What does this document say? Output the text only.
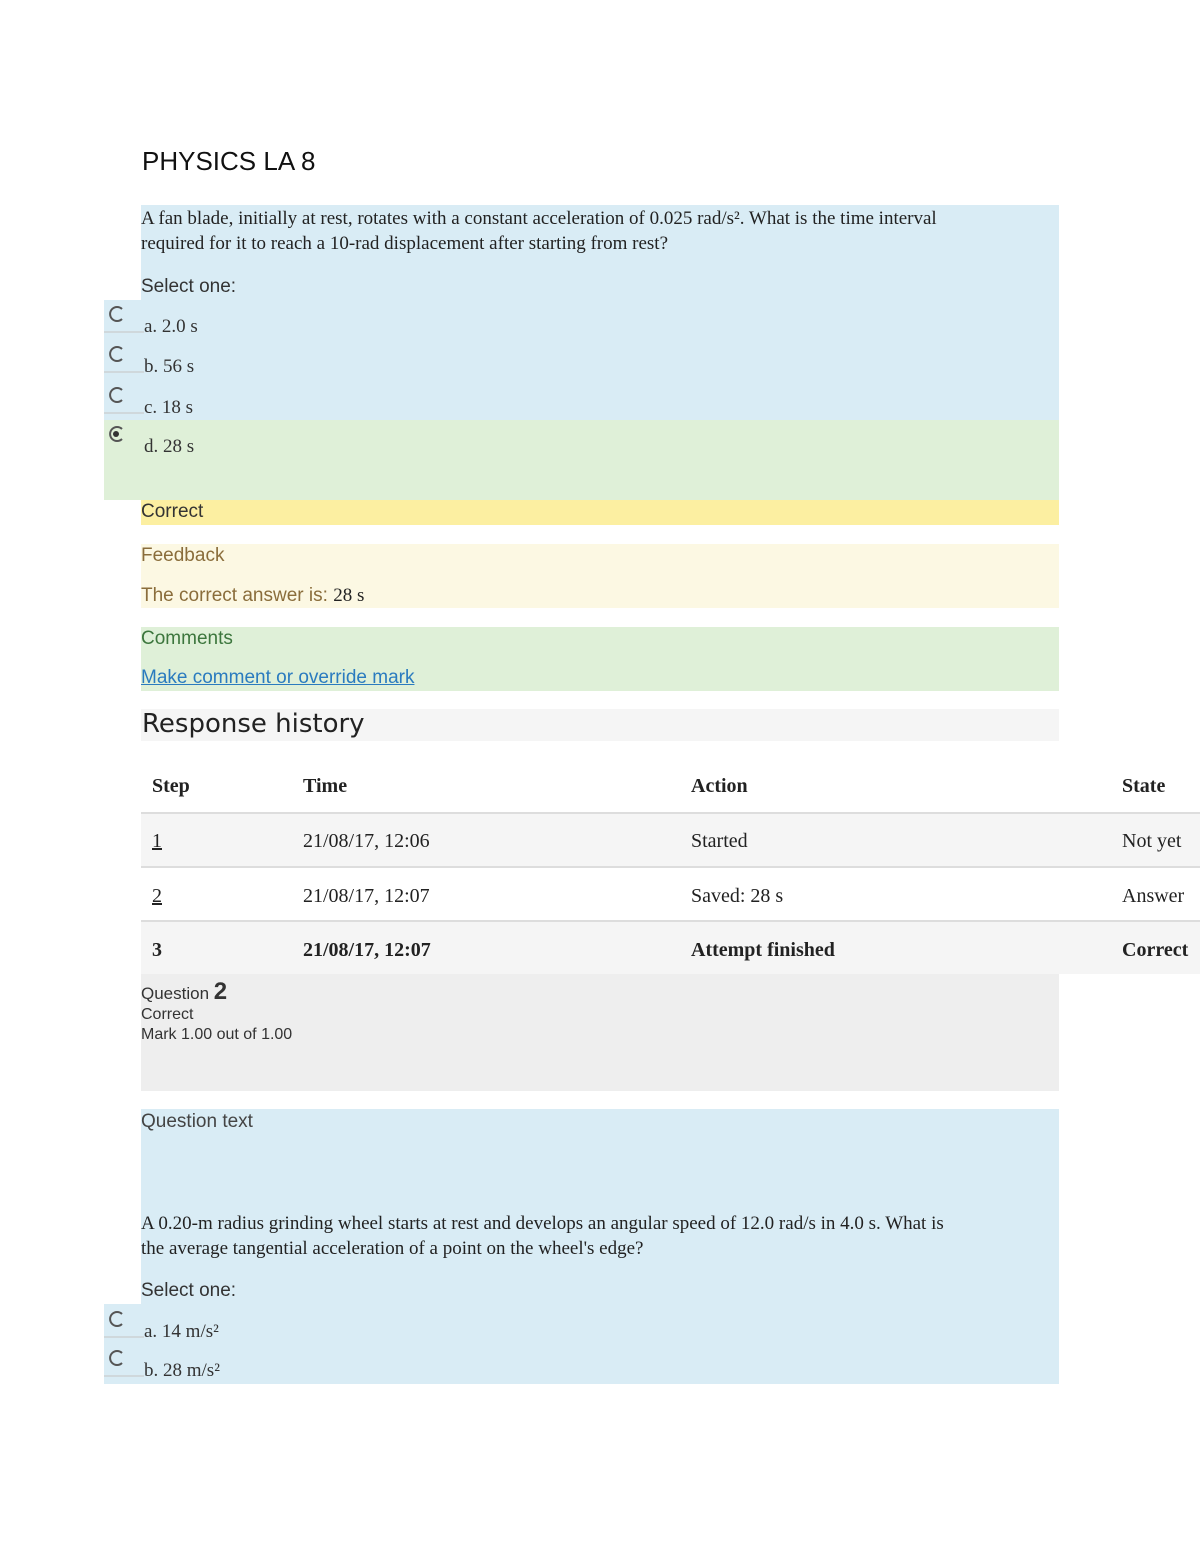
PHYSICS LA 8
A fan blade, initially at rest, rotates with a constant acceleration of 0.025 rad/s². What is the time interval
required for it to reach a 10-rad displacement after starting from rest?
Select one:
a. 2.0 s
b. 56 s
c. 18 s
d. 28 s
Correct
Feedback
The correct answer is: 28 s
Comments
Make comment or override mark
Response history
Step	Time	Action	State
1	21/08/17, 12:06	Started	Not yet
2	21/08/17, 12:07	Saved: 28 s	Answer
3	21/08/17, 12:07	Attempt finished	Correct
Question 2
Correct
Mark 1.00 out of 1.00
Question text
A 0.20-m radius grinding wheel starts at rest and develops an angular speed of 12.0 rad/s in 4.0 s. What is
the average tangential acceleration of a point on the wheel's edge?
Select one:
a. 14 m/s²
b. 28 m/s²
